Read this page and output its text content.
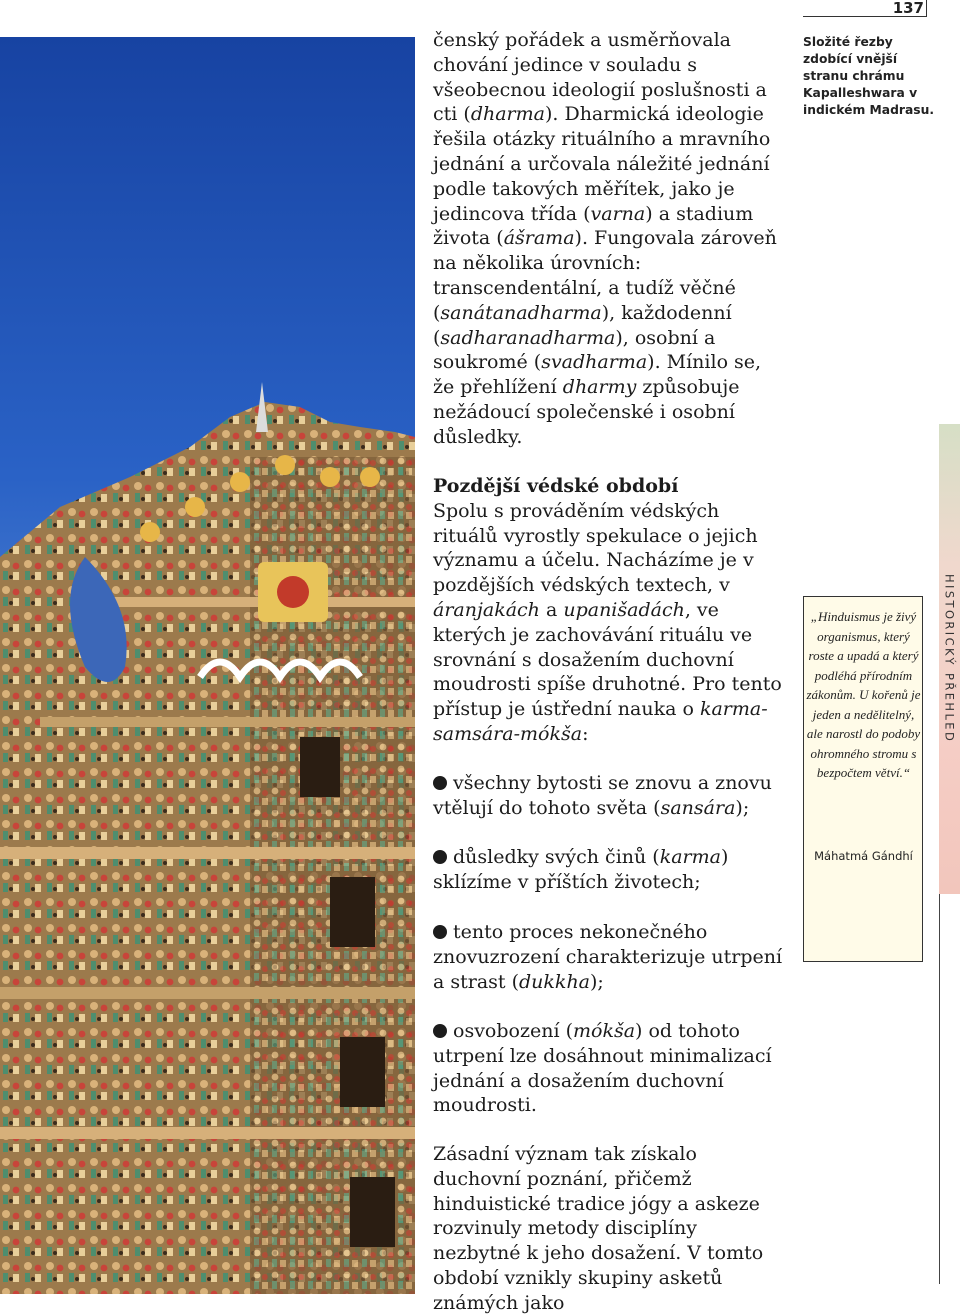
čenský pořádek a usměrňovala chování jedince v souladu s všeobecnou ideologií poslušnosti a cti (dharma). Dharmická ideologie řešila otázky rituálního a mravního jednání a určovala náležité jednání podle takových měřítek, jako je jedincova třída (varna) a stadium života (ášrama). Fungovala zároveň na několika úrovních: transcendentální, a tudíž věčné (sanátanadharma), každodenní (sadharanadharma), osobní a soukromé (svadharma). Mínilo se, že přehlížení dharmy způsobuje nežádoucí společenské i osobní důsledky.

Pozdější védské období

Spolu s prováděním védských rituálů vyrostly spekulace o jejich významu a účelu. Nacházíme je v pozdějších védských textech, v áranjakách a upanišadách, ve kterých je zachovávání rituálu ve srovnání s dosažením duchovní moudrosti spíše druhotné. Pro tento přístup je ústřední nauka o karma-samsára-mókša:

všechny bytosti se znovu a znovu vtělují do tohoto světa (sansára);

důsledky svých činů (karma) sklízíme v příštích životech;

tento proces nekonečného znovuzrození charakterizuje utrpení a strast (dukkha);

osvobození (mókša) od tohoto utrpení lze dosáhnout minimalizací jednání a dosažením duchovní moudrosti.

Zásadní význam tak získalo duchovní poznání, přičemž hinduistické tradice jógy a askeze rozvinuly metody disciplíny nezbytné k jeho dosažení. V tomto období vznikly skupiny asketů známých jako

137
Složité řezby zdobící vnější stranu chrámu Kapalleshwara v indickém Madrasu.
„Hinduismus je živý organismus, který roste a upadá a který podléhá přírodním zákonům. U kořenů je jeden a nedělitelný, ale narostl do podoby ohromného stromu s bezpočtem větví.“
Máhatmá Gándhí
HISTORICKÝ PŘEHLED
